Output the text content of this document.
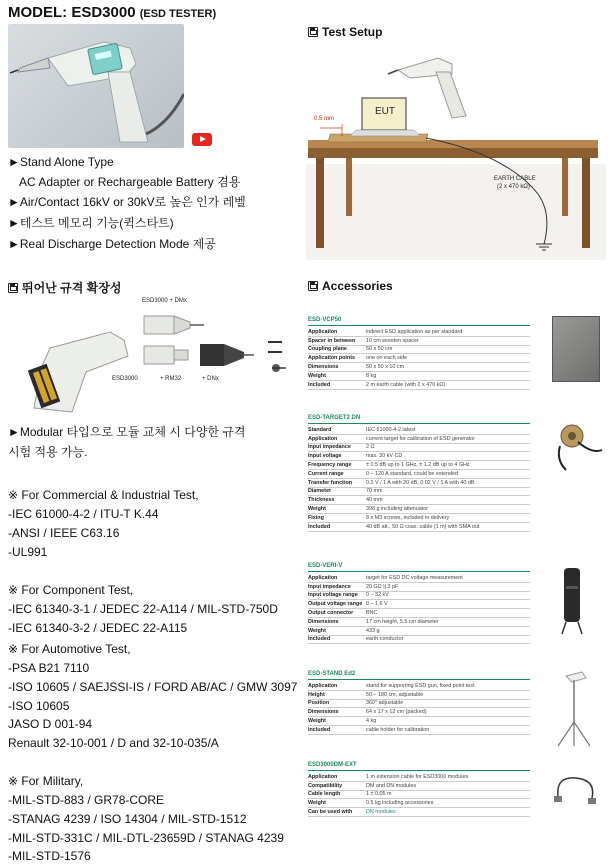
MODEL: ESD3000 (ESD TESTER)
►Stand Alone Type
AC Adapter or Rechargeable Battery 겸용
►Air/Contact 16kV or 30kV로 높은 인가 레벨
►테스트 메모리 기능(퀵스타트)
►Real Discharge Detection Mode 제공
Test Setup
EUT
0.5 mm
EARTH CABLE
(2 x 470 kΩ)
뛰어난 규격 확장성
ESD3000 + DMx
ESD3000	+ RM32	+ DNx
►Modular 타입으로 모듈 교체 시 다양한 규격
시험 적용 가능.
※ For Commercial & Industrial Test,
-IEC 61000-4-2 / ITU-T K.44
-ANSI / IEEE C63.16
-UL991
※ For Component Test,
-IEC 61340-3-1 / JEDEC 22-A114 / MIL-STD-750D
-IEC 61340-3-2 / JEDEC 22-A115
※ For Automotive Test,
-PSA B21 7110
-ISO 10605 / SAEJSSI-IS / FORD AB/AC / GMW 3097
-ISO 10605
JASO D 001-94
Renault 32-10-001 / D and 32-10-035/A
※ For Military,
-MIL-STD-883 / GR78-CORE
-STANAG 4239 / ISO 14304 / MIL-STD-1512
-MIL-STD-331C / MIL-DTL-23659D / STANAG 4239
-MIL-STD-1576
Accessories
ESD-VCP50
Application	indirect ESD application as per standard
Spacer in between	10 cm wooden spacer
Coupling plane	50 x 50 cm
Application points	one on each side
Dimensions	50 x 50 x 10 cm
Weight	8 kg
Included	2 m earth cable (with 2 x 470 kΩ)
ESD-TARGET2 DN
Standard	IEC 61000-4-2 latest
Application	current target for calibration of ESD generator
Input impedance	2 Ω
Input voltage	max. 30 kV CD
Frequency range	± 0.5 dB up to 1 GHz, ± 1.2 dB up to 4 GHz
Current range	0 – 120 A standard, could be extended
Transfer function	0.2 V / 1 A with 20 dB, 0.02 V / 1 A with 40 dB
Diameter	70 mm
Thickness	40 mm
Weight	398 g including attenuator
Fixing	8 x M3 screws, included in delivery
Included	40 dB att., 50 Ω coax. cable (1 m) with SMA out
ESD-VERI-V
Application	target for ESD DC voltage measurement
Input impedance	20 GΩ || 3 pF
Input voltage range	0 – 32 kV
Output voltage range 0 – 1.6 V
Output connector	BNC
Dimensions	17 cm height, 5.5 cm diameter
Weight	433 g
Included	earth conductor
ESD-STAND Ed2
Application	stand for supporting ESD gun, fixed point test
Height	50 – 180 cm, adjustable
Position	360° adjustable
Dimensions	64 x 17 x 12 cm (packed)
Weight	4 kg
Included	cable holder for calibration
ESD3000DM-EXT
Application	1 m extension cable for ESD3000 modules
Compatibility	DM and DN modules
Cable length	1 ± 0.05 m
Weight	0.5 kg including accessories
Can be used with	DN modules
